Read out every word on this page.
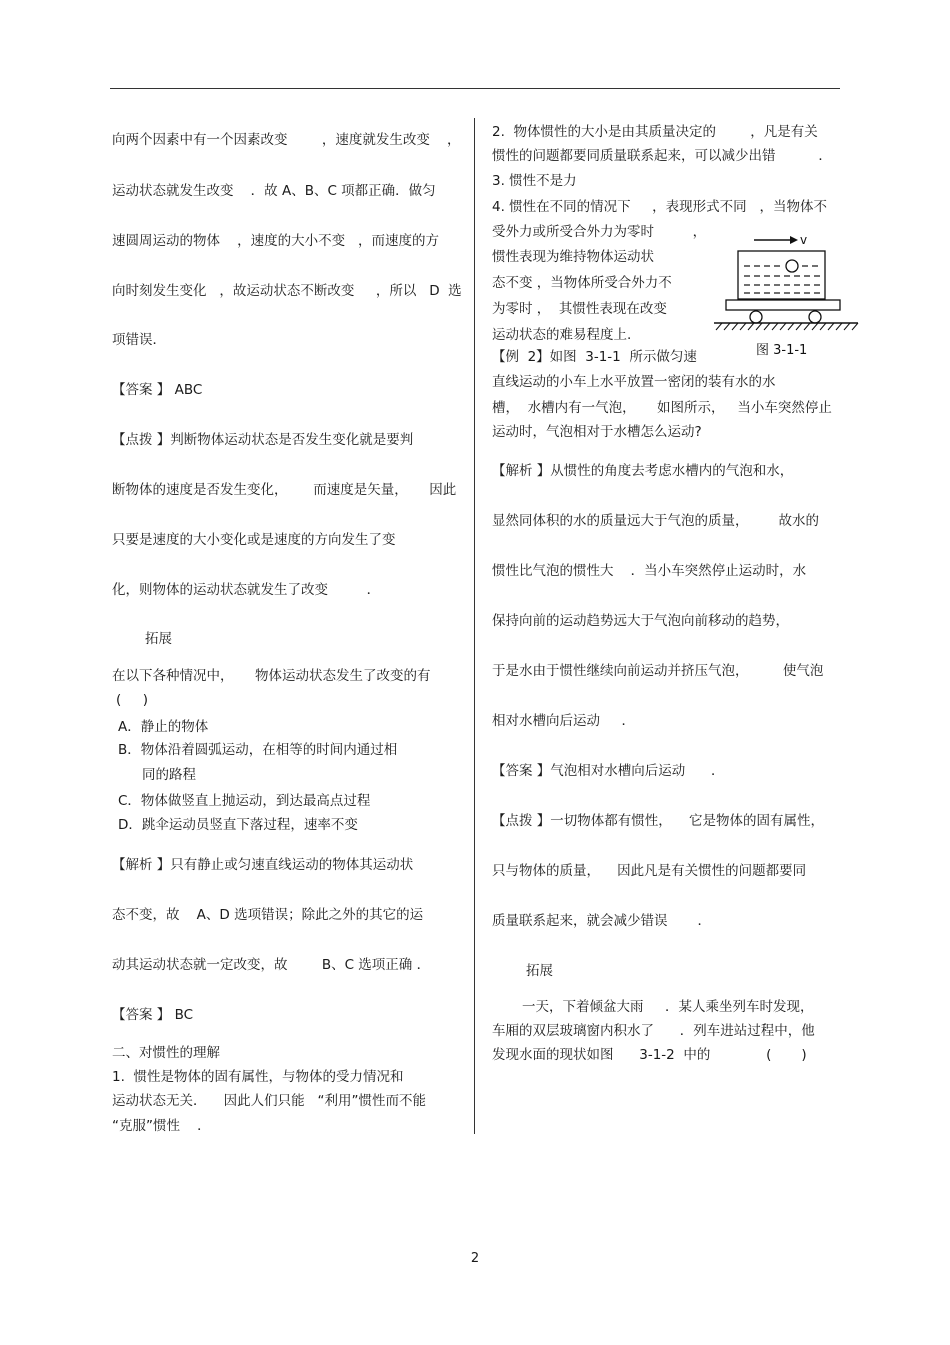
向两个因素中有一个因素改变        ，速度就发生改变    ，
运动状态就发生改变    ．故 A、B、C 项都正确．做匀
速圆周运动的物体    ，速度的大小不变   ，而速度的方
向时刻发生变化   ，故运动状态不断改变     ，所以   D  选
项错误．
【答案 】 ABC
【点拨 】判断物体运动状态是否发生变化就是要判
断物体的速度是否发生变化，      而速度是矢量，     因此
只要是速度的大小变化或是速度的方向发生了变
化，则物体的运动状态就发生了改变         ．
拓展
在以下各种情况中，     物体运动状态发生了改变的有
(     )
A．静止的物体
B．物体沿着圆弧运动，在相等的时间内通过相
同的路程
C．物体做竖直上抛运动，到达最高点过程
D．跳伞运动员竖直下落过程，速率不变
【解析 】只有静止或匀速直线运动的物体其运动状
态不变，故    A、D 选项错误；除此之外的其它的运
动其运动状态就一定改变，故        B、C 选项正确 ．
【答案 】 BC
二、对惯性的理解
1.  惯性是物体的固有属性，与物体的受力情况和
运动状态无关．    因此人们只能   “利用”惯性而不能
“克服”惯性    ．
2.  物体惯性的大小是由其质量决定的        ，凡是有关
惯性的问题都要同质量联系起来，可以减少出错          ．
3. 惯性不是力
4. 惯性在不同的情况下     ，表现形式不同   ，当物体不
受外力或所受合外力为零时         ，
惯性表现为维持物体运动状
态不变 ，当物体所受合外力不
为零时 ，  其惯性表现在改变
运动状态的难易程度上.
【例  2】如图  3-1-1  所示做匀速
直线运动的小车上水平放置一密闭的装有水的水
槽，  水槽内有一气泡，     如图所示，   当小车突然停止
运动时，气泡相对于水槽怎么运动?
【解析 】从惯性的角度去考虑水槽内的气泡和水，
显然同体积的水的质量远大于气泡的质量，       故水的
惯性比气泡的惯性大    ．当小车突然停止运动时，水
保持向前的运动趋势远大于气泡向前移动的趋势，
于是水由于惯性继续向前运动并挤压气泡，        使气泡
相对水槽向后运动     ．
【答案 】气泡相对水槽向后运动      ．
【点拨 】一切物体都有惯性，    它是物体的固有属性，
只与物体的质量，    因此凡是有关惯性的问题都要同
质量联系起来，就会减少错误       ．
拓展
一天，下着倾盆大雨     ．某人乘坐列车时发现，
车厢的双层玻璃窗内积水了      ．列车进站过程中，他
发现水面的现状如图      3-1-2  中的             (       )
v
图 3-1-1
2
